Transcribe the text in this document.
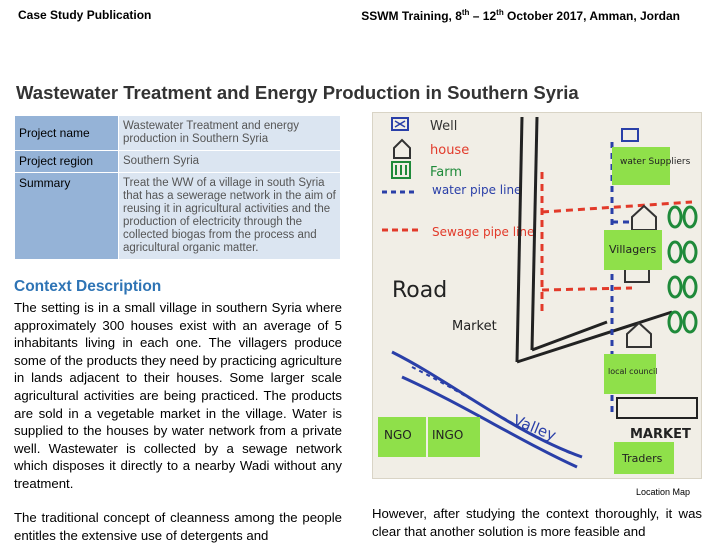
Case Study Publication	SSWM Training, 8th – 12th October 2017, Amman, Jordan
Wastewater Treatment and Energy Production in Southern Syria
Project name	Wastewater Treatment and energy production in Southern Syria
Project region	Southern Syria
Summary	Treat the WW of a village in south Syria that has a sewerage network in the aim of reusing it in agricultural activities and the production of electricity through the collected biogas from the process and agricultural organic matter.
Context Description

The setting is in a small village in southern Syria where approximately 300 houses exist with an average of 5 inhabitants living in each one. The villagers produce some of the products they need by practicing agriculture in lands adjacent to their houses. Some larger scale agricultural activities are being practiced. The products are sold in a vegetable market in the village. Water is supplied to the houses by water network from a private well. Wastewater is collected by a sewage network which disposes it directly to a nearby Wadi without any treatment.

The traditional concept of cleanness among the people entitles the extensive use of detergents and

Well
house
Farm
water pipe line
Sewage pipe line
Road
Market
Valley	MARKET
water Suppliers
Villagers
local council
NGO INGO
Traders
Location Map

However, after studying the context thoroughly, it was clear that another solution is more feasible and
